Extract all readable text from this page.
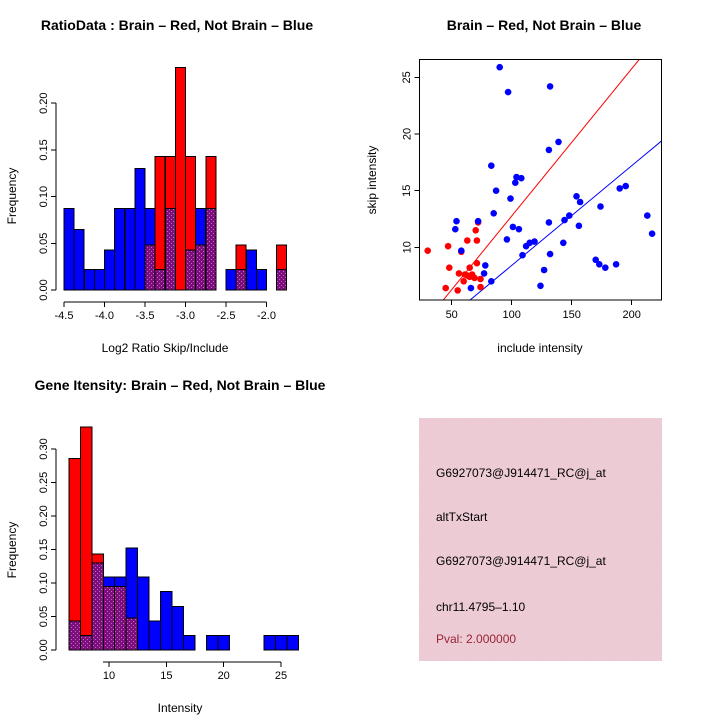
-4.5 -4.0 -3.5 -3.0 -2.5 -2.0
0.00
0.05
0.10
0.15
0.20
RatioData : Brain – Red, Not Brain – Blue
Log2 Ratio Skip/Include
Frequency
50	100	150	200
10
15
20
25
Brain – Red, Not Brain – Blue
include intensity
skip intensity
10	15	20	25
0.00
0.05
0.10
0.15
0.20
0.25
0.30
Gene Itensity: Brain – Red, Not Brain – Blue
Intensity
Frequency
G6927073@J914471_RC@j_at
altTxStart
G6927073@J914471_RC@j_at
chr11.4795–1.10
Pval: 2.000000
